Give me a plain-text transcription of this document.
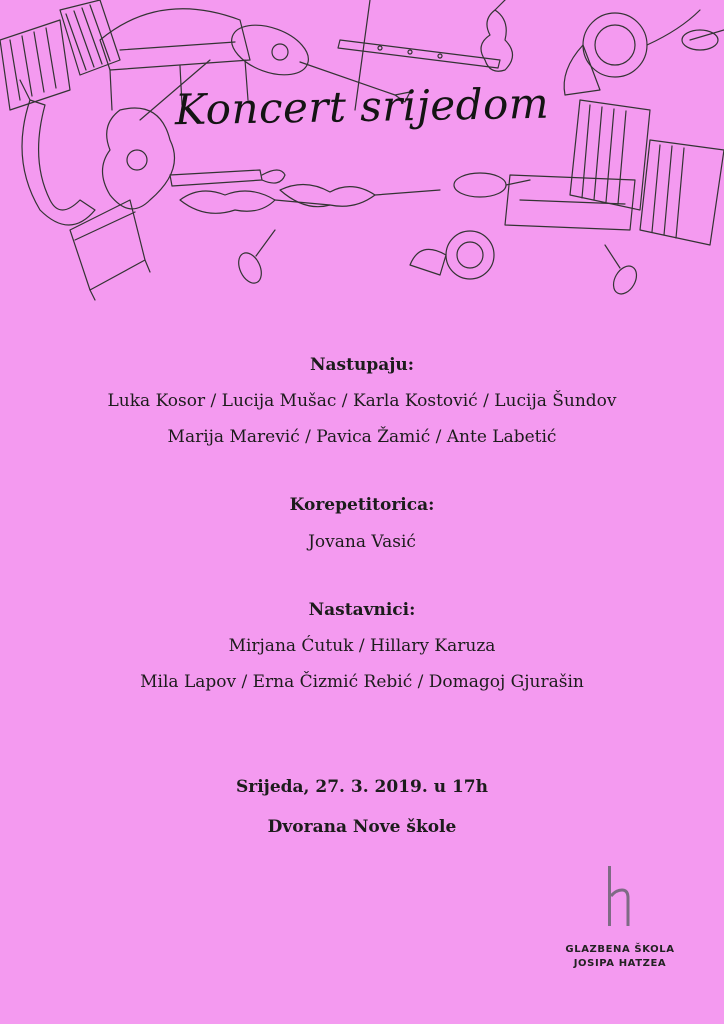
Koncert srijedom
Nastupaju:
Luka Kosor / Lucija Mušac / Karla Kostović / Lucija Šundov
Marija Marević / Pavica Žamić / Ante Labetić
Korepetitorica:
Jovana Vasić
Nastavnici:
Mirjana Ćutuk / Hillary Karuza
Mila Lapov / Erna Čizmić Rebić / Domagoj Gjurašin
Srijeda, 27. 3. 2019. u 17h
Dvorana Nove škole
GLAZBENA ŠKOLA
JOSIPA HATZEA
